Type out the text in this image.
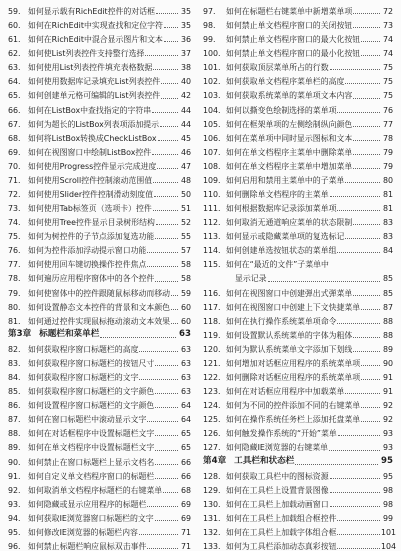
59. 如何显示载有RichEdit控件的对话框	35
60. 如何在RichEdit中实现查找和定位字符 35
61. 如何在RichEdit中混合显示图片和文本 36
62. 如何使List列表控件支持整行选择	37
63. 如何使用List列表控件填充表格数据	38
64. 如何使用数据库记录填充List列表控件	40
65. 如何创建单元格可编辑的List列表控件	42
66. 如何在ListBox中查找指定的字符串	44
67. 如何为超长的ListBox列表项添加提示	44
68. 如何将ListBox转换成CheckListBox	45
69. 如何在视图窗口中绘制ListBox控件	46
70. 如何使用Progress控件显示完成进度	47
71. 如何使用Scroll控件控制滚动范围值	48
72. 如何使用Slider控件控制滑动刻度值	50
73. 如何使用Tab标签页（选项卡）控件	51
74. 如何使用Tree控件显示目录树形结构	52
75. 如何为树控件的子节点添加复选功能	55
76. 如何为控件添加浮动提示窗口功能	57
77. 如何使用回车键切换操作控件焦点	58
78. 如何遍历应用程序窗体中的各个控件	58
79. 如何使窗体中的控件跟随鼠标移动而移动 59
80. 如何设置静态文本控件的背景和文本颜色 60
81. 如何通过控件实现鼠标拖动滚动文本效果 60
第3章 标题栏和菜单栏	63
82. 如何获取程序窗口标题栏的高度	63
83. 如何获取程序窗口标题栏的按钮尺寸	63
84. 如何获取程序窗口标题栏的文字	63
85. 如何获取程序窗口标题栏的文字颜色	63
86. 如何设置程序窗口标题栏的文字颜色	64
87. 如何在窗口标题栏中滚动显示文字	64
88. 如何在对话框程序中设置标题栏文字	65
89. 如何在单文档程序中设置标题栏文字	65
90. 如何禁止在窗口标题栏上显示文档名	66
91. 如何自定义单文档程序窗口的标题栏	66
92. 如何取消单文档程序标题栏的右键菜单 68
93. 如何隐藏或显示应用程序的标题栏	69
94. 如何获取IE浏览器窗口标题栏的文字	69
95. 如何修改IE浏览器的标题栏内容	71
96. 如何禁止标题栏响应鼠标双击事件	71
97.	如何在标题栏右键菜单中新增菜单项	72
98.	如何禁止单文档程序窗口的关闭按钮	73
99.	如何禁止单文档程序窗口的最大化按钮	74
100. 如何禁止单文档程序窗口的最小化按钮	74
101. 如何获取顶层菜单所占的行数	75
102. 如何获取单文档程序菜单栏的高度	75
103. 如何获取系统菜单的菜单项文本内容	75
104. 如何以撕变色绘制选择的菜单项	76
105. 如何在框架单项的左侧绘制纵向颜色	77
106. 如何在菜单项中同时显示图标和文本	78
107. 如何在单文档程序主菜单中删除菜单	79
108. 如何在单文档程序主菜单中增加菜单	79
109. 如何启用和禁用主菜单中的子菜单	80
110. 如何删除单文档程序的主菜单	81
111. 如何根据数据库记录添加菜单项	81
112. 如何取消无通道响应菜单的状态限制	83
113. 如何显示或隐藏菜单项的复选标记	83
114. 如何创建单选按钮状态的菜单组	84
115. 如何在“最近的文件”子菜单中
显示记录	85
116. 如何在视图窗口中创建弹出式弹菜单	85
117. 如何在视图窗口中创建上下文快捷菜单	87
118. 如何在执行操作系统菜单项命令	88
119. 如何设置默认系统菜单的字体为粗体	88
120. 如何为默认系统菜单文字添加下划线	89
121. 如何增加对话框应用程序的系统菜单项	90
122. 如何删除对话框应用程序的系统菜单项	91
123. 如何在对话框应用程序中加载菜单	91
124. 如何为不同的控件添加不同的右键菜单	92
125. 如何在操作系统任务栏上添加托盘菜单	92
126. 如何触发操作系统的“开始”菜单	93
127. 如何隐藏IE浏览器的右键菜单	93
第4章 工具栏和状态栏	95
128. 如何获取工具栏中的图标资源	95
129. 如何在工具栏上设置背景图像	98
130. 如何在工具栏上加载动画窗口	98
131. 如何在工具栏上加载组合框控件	99
132. 如何在工具栏上加载字体组合框	101
133. 如何为工具栏添加动态真彩按钮	104
